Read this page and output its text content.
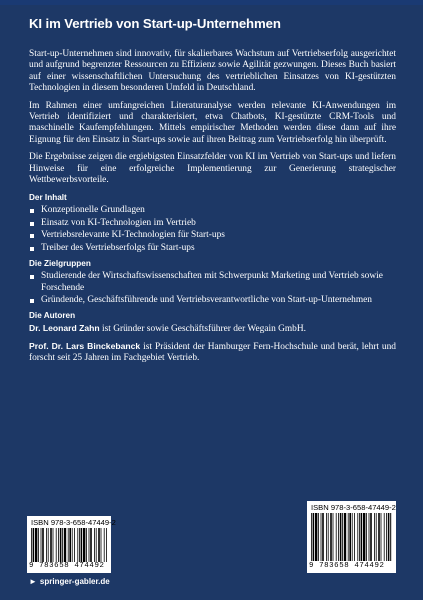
KI im Vertrieb von Start-up-Unternehmen

Start-up-Unternehmen sind innovativ, für skalierbares Wachstum auf Vertriebserfolg ausgerichtet und aufgrund begrenzter Ressourcen zu Effizienz sowie Agilität gezwungen. Dieses Buch basiert auf einer wissenschaftlichen Untersuchung des vertrieblichen Einsatzes von KI-gestützten Technologien in diesem besonderen Umfeld in Deutschland.

Im Rahmen einer umfangreichen Literaturanalyse werden relevante KI-Anwendungen im Vertrieb identifiziert und charakterisiert, etwa Chatbots, KI-gestützte CRM-Tools und maschinelle Kaufempfehlungen. Mittels empirischer Methoden werden diese dann auf ihre Eignung für den Einsatz in Start-ups sowie auf ihren Beitrag zum Vertriebserfolg hin überprüft.

Die Ergebnisse zeigen die ergiebigsten Einsatzfelder von KI im Vertrieb von Start-ups und liefern Hinweise für eine erfolgreiche Implementierung zur Generierung strategischer Wettbewerbsvorteile.

Der Inhalt
Konzeptionelle Grundlagen
Einsatz von KI-Technologien im Vertrieb
Vertriebsrelevante KI-Technologien für Start-ups
Treiber des Vertriebserfolgs für Start-ups
Die Zielgruppen
Studierende der Wirtschaftswissenschaften mit Schwerpunkt Marketing und Vertrieb sowie Forschende
Gründende, Geschäftsführende und Vertriebsverantwortliche von Start-up-Unternehmen
Die Autoren

Dr. Leonard Zahn ist Gründer sowie Geschäftsführer der Wegain GmbH.

Prof. Dr. Lars Binckebanck ist Präsident der Hamburger Fern-Hochschule und berät, lehrt und forscht seit 25 Jahren im Fachgebiet Vertrieb.

ISBN 978-3-658-47449-2
9 783658 474492
ISBN 978-3-658-47449-2
9 783658 474492
► springer-gabler.de
